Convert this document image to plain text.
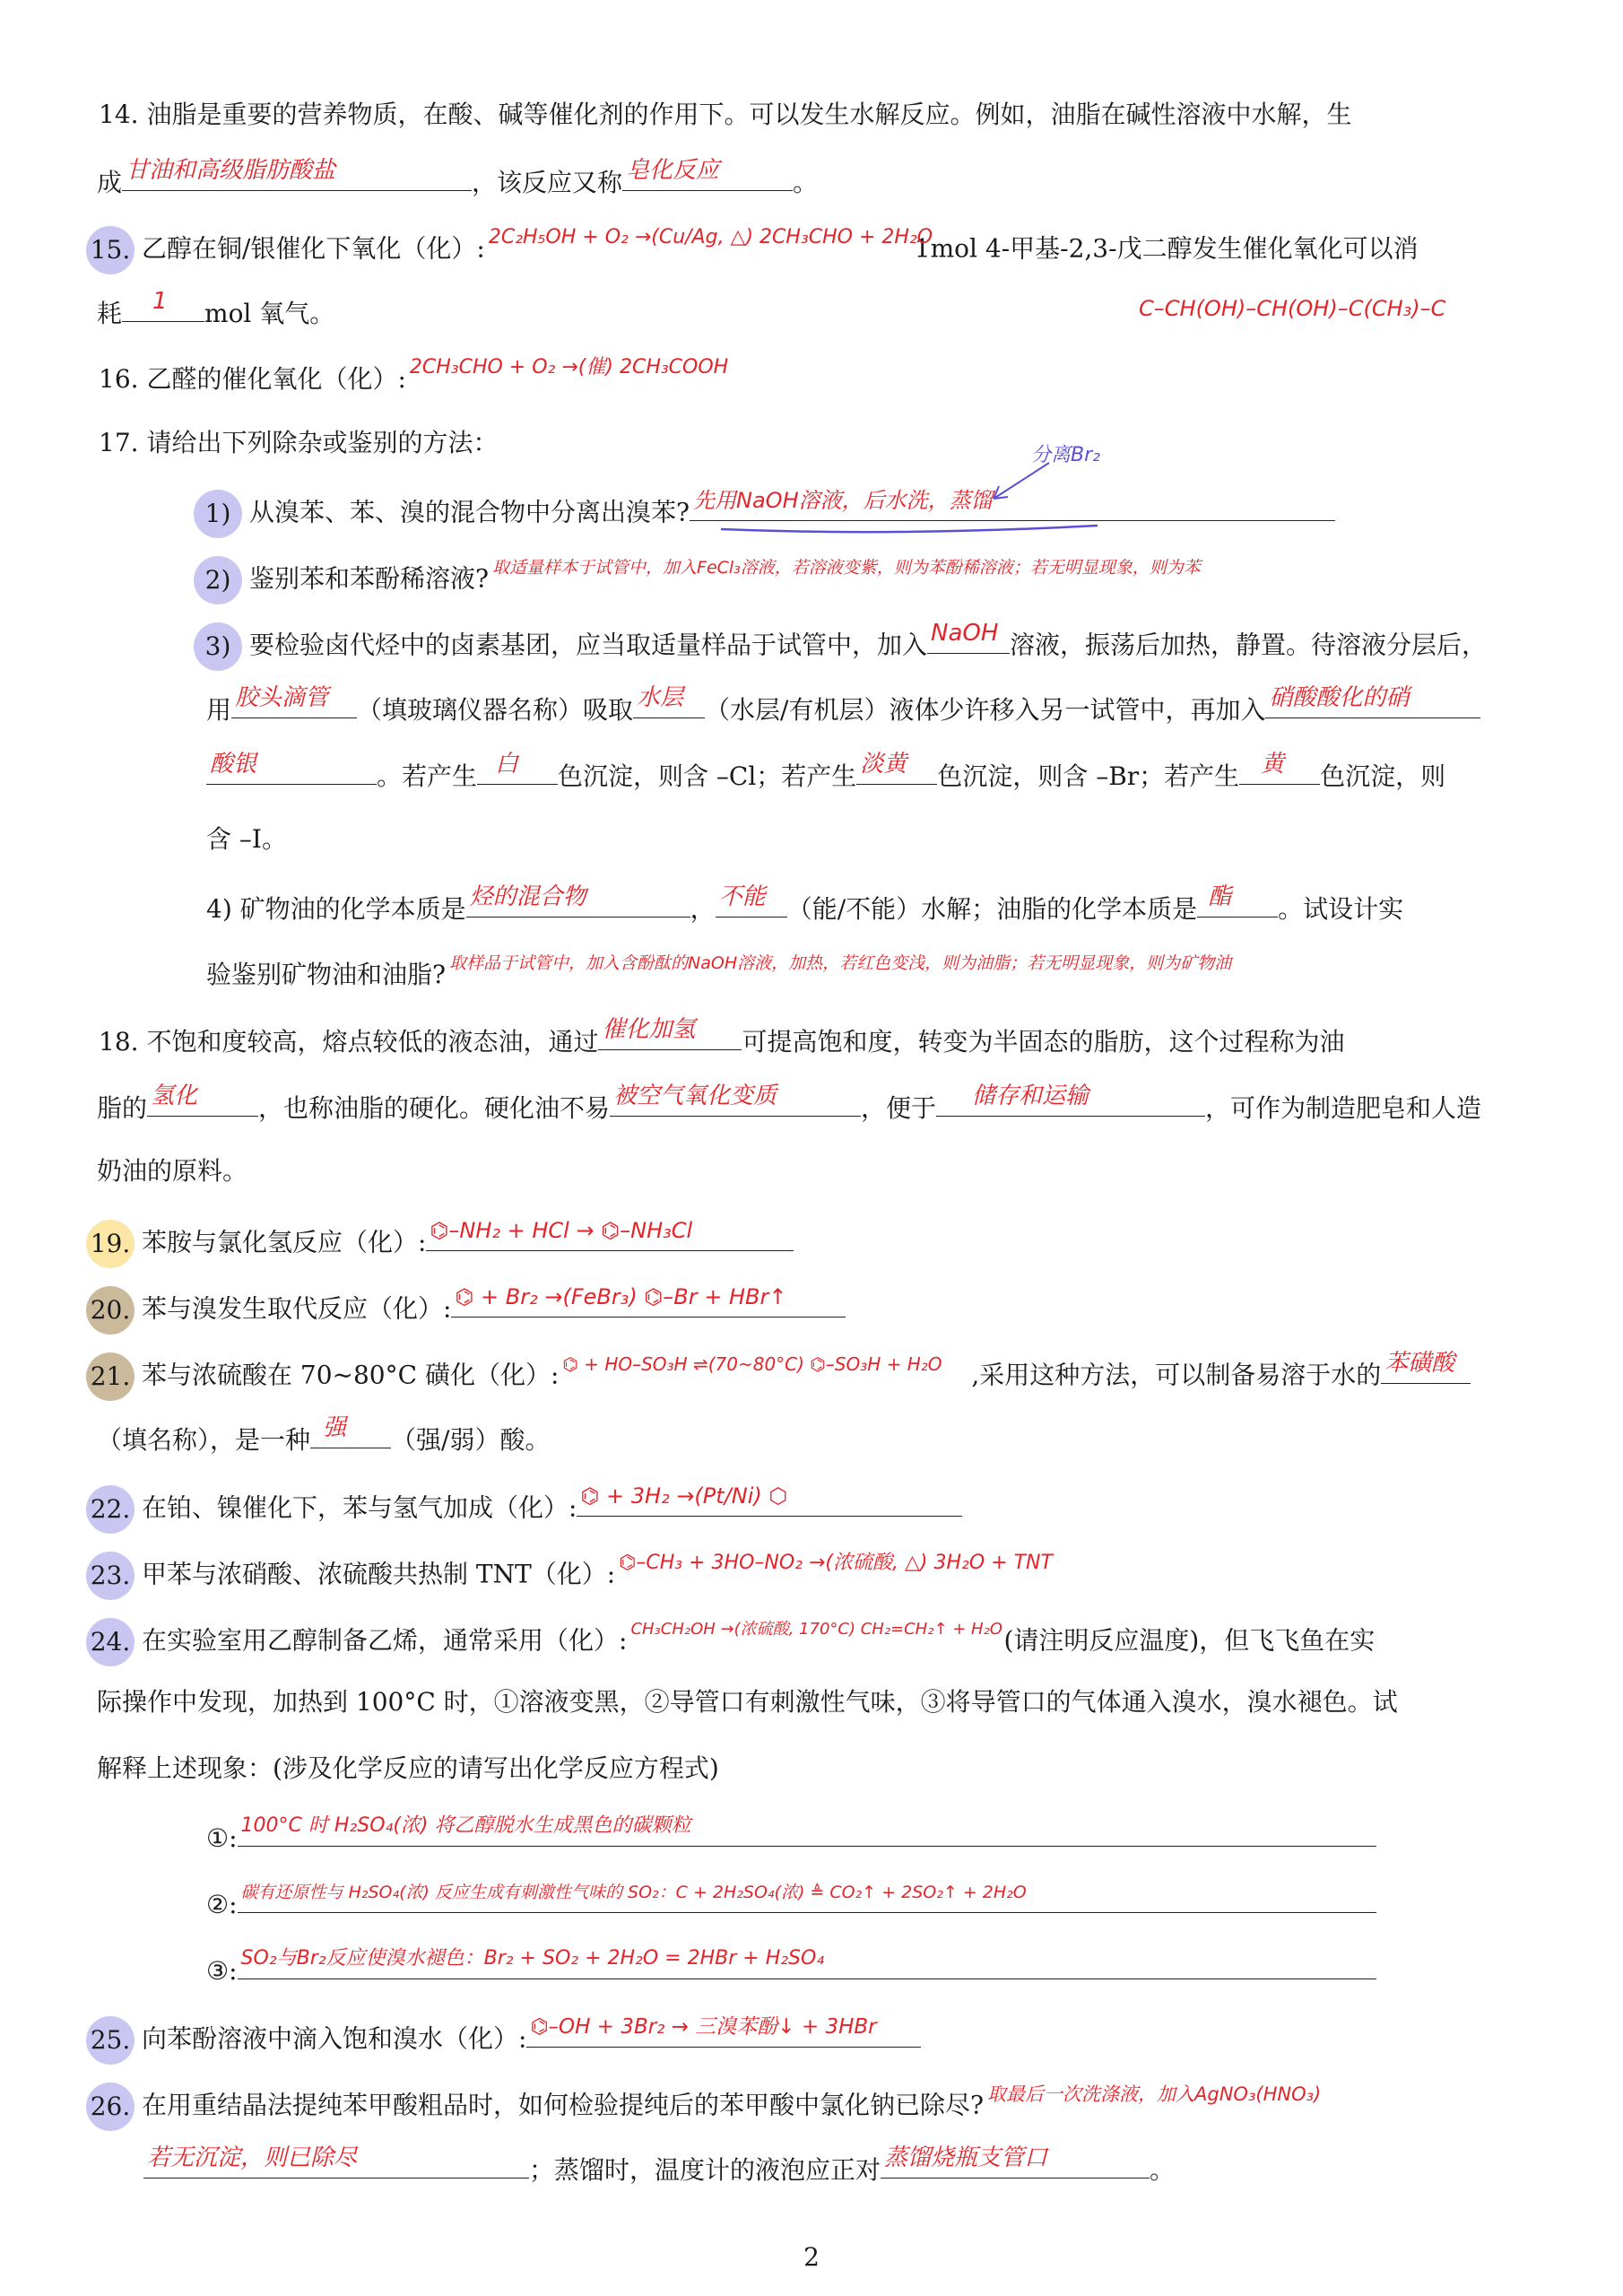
14. 油脂是重要的营养物质，在酸、碱等催化剂的作用下。可以发生水解反应。例如，油脂在碱性溶液中水解，生
成 甘油和高级脂肪酸盐	，该反应又称 皂化反应	。
15. 乙醇在铜/银催化下氧化（化）: 2C₂H₅OH + O₂ →(Cu/Ag, △) 2CH₃CHO + 2H₂O
1mol 4-甲基-2,3-戊二醇发生催化氧化可以消
耗 1 mol 氧气。	C–CH(OH)–CH(OH)–C(CH₃)–C
16. 乙醛的催化氧化（化）: 2CH₃CHO + O₂ →(催) 2CH₃COOH
17. 请给出下列除杂或鉴别的方法：	分离Br₂
1) 从溴苯、苯、溴的混合物中分离出溴苯? 先用NaOH溶液，后水洗，蒸馏
2) 鉴别苯和苯酚稀溶液? 取适量样本于试管中，加入FeCl₃溶液，若溶液变紫，则为苯酚稀溶液；若无明显现象，则为苯
3) 要检验卤代烃中的卤素基团，应当取适量样品于试管中，加入 NaOH 溶液，振荡后加热，静置。待溶液分层后，
用 胶头滴管 （填玻璃仪器名称）吸取 水层 （水层/有机层）液体少许移入另一试管中，再加入 硝酸酸化的硝
酸银	。若产生 白 色沉淀，则含 –Cl；若产生 淡黄 色沉淀，则含 –Br；若产生 黄 色沉淀，则
含 –I。
4) 矿物油的化学本质是 烃的混合物	， 不能 （能/不能）水解；油脂的化学本质是 酯 。试设计实
验鉴别矿物油和油脂? 取样品于试管中，加入含酚酞的NaOH溶液，加热，若红色变浅，则为油脂；若无明显现象，则为矿物油
18. 不饱和度较高，熔点较低的液态油，通过 催化加氢 可提高饱和度，转变为半固态的脂肪，这个过程称为油
脂的 氢化 ，也称油脂的硬化。硬化油不易 被空气氧化变质	，便于 储存和运输	，可作为制造肥皂和人造
奶油的原料。
19. 苯胺与氯化氢反应（化）: ⌬–NH₂ + HCl → ⌬–NH₃Cl
20. 苯与溴发生取代反应（化）: ⌬ + Br₂ →(FeBr₃) ⌬–Br + HBr↑
21. 苯与浓硫酸在 70∼80°C 磺化（化）: ⌬ + HO–SO₃H ⇌(70~80°C) ⌬–SO₃H + H₂O ,采用这种方法，可以制备易溶于水的 苯磺酸
（填名称），是一种 强 （强/弱）酸。
22. 在铂、镍催化下，苯与氢气加成（化）: ⌬ + 3H₂ →(Pt/Ni) ⬡
23. 甲苯与浓硝酸、浓硫酸共热制 TNT（化）: ⌬–CH₃ + 3HO–NO₂ →(浓硫酸, △) 3H₂O + TNT
24. 在实验室用乙醇制备乙烯，通常采用（化）: CH₃CH₂OH →(浓硫酸, 170°C) CH₂=CH₂↑ + H₂O (请注明反应温度)，但飞飞鱼在实
际操作中发现，加热到 100°C 时，①溶液变黑，②导管口有刺激性气味，③将导管口的气体通入溴水，溴水褪色。试
解释上述现象：(涉及化学反应的请写出化学反应方程式)
①: 100°C 时 H₂SO₄(浓) 将乙醇脱水生成黑色的碳颗粒
②: 碳有还原性与 H₂SO₄(浓) 反应生成有刺激性气味的 SO₂：C + 2H₂SO₄(浓) ≜ CO₂↑ + 2SO₂↑ + 2H₂O
③: SO₂与Br₂反应使溴水褪色：Br₂ + SO₂ + 2H₂O = 2HBr + H₂SO₄
25. 向苯酚溶液中滴入饱和溴水（化）: ⌬–OH + 3Br₂ → 三溴苯酚↓ + 3HBr
26. 在用重结晶法提纯苯甲酸粗品时，如何检验提纯后的苯甲酸中氯化钠已除尽? 取最后一次洗涤液，加入AgNO₃(HNO₃)
若无沉淀，则已除尽	；蒸馏时，温度计的液泡应正对 蒸馏烧瓶支管口	。
2
